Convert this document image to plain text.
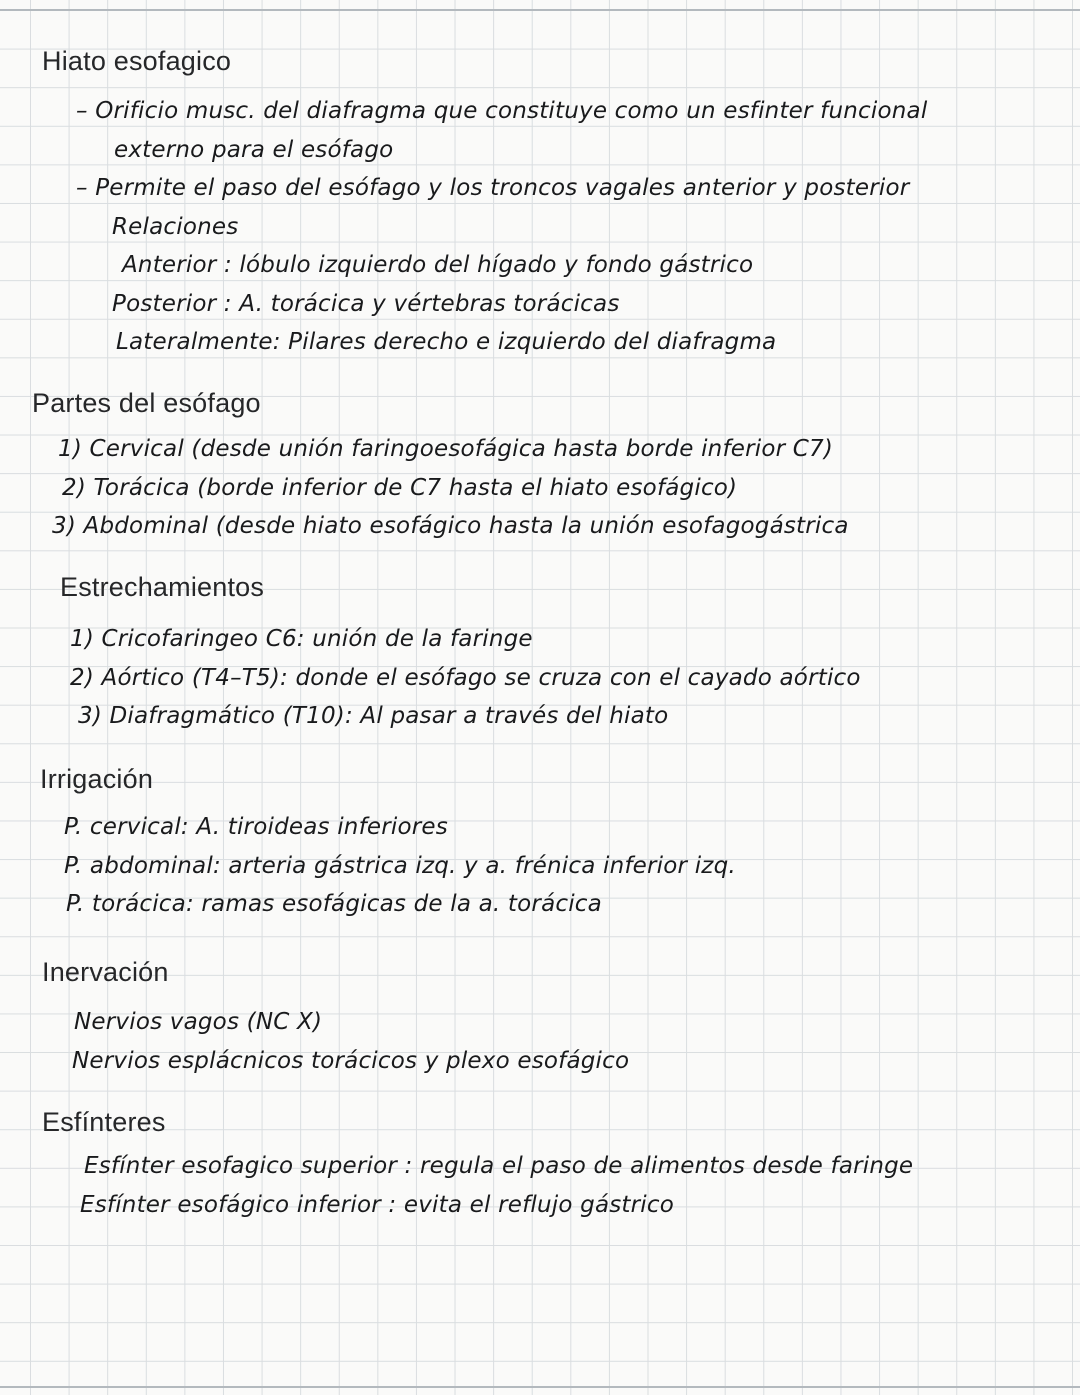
Hiato esofagico
– Orificio musc. del diafragma que constituye como un esfinter funcional
externo para el esófago
– Permite el paso del esófago y los troncos vagales anterior y posterior
Relaciones
Anterior : lóbulo izquierdo del hígado y fondo gástrico
Posterior : A. torácica y vértebras torácicas
Lateralmente: Pilares derecho e izquierdo del diafragma
Partes del esófago
1) Cervical (desde unión faringoesofágica hasta borde inferior C7)
2) Torácica (borde inferior de C7 hasta el hiato esofágico)
3) Abdominal (desde hiato esofágico hasta la unión esofagogástrica
Estrechamientos
1) Cricofaringeo C6: unión de la faringe
2) Aórtico (T4–T5): donde el esófago se cruza con el cayado aórtico
3) Diafragmático (T10): Al pasar a través del hiato
Irrigación
P. cervical: A. tiroideas inferiores
P. abdominal: arteria gástrica izq. y a. frénica inferior izq.
P. torácica: ramas esofágicas de la a. torácica
Inervación
Nervios vagos (NC X)
Nervios esplácnicos torácicos y plexo esofágico
Esfínteres
Esfínter esofagico superior : regula el paso de alimentos desde faringe
Esfínter esofágico inferior : evita el reflujo gástrico
